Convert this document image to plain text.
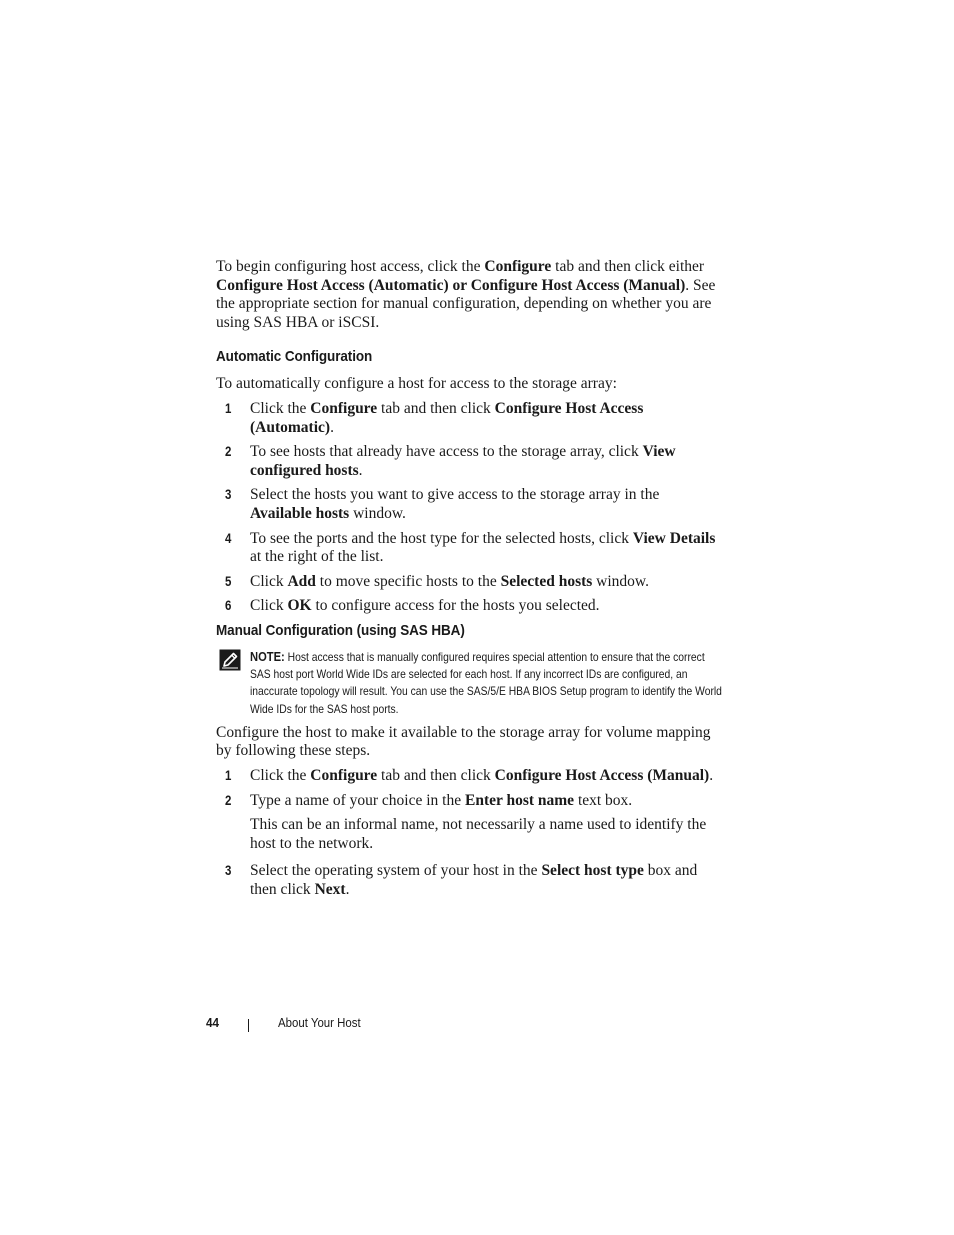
To begin configuring host access, click the Configure tab and then click either Configure Host Access (Automatic) or Configure Host Access (Manual). See the appropriate section for manual configuration, depending on whether you are using SAS HBA or iSCSI.

Automatic Configuration

To automatically configure a host for access to the storage array:

1 Click the Configure tab and then click Configure Host Access (Automatic).
2 To see hosts that already have access to the storage array, click View configured hosts.
3 Select the hosts you want to give access to the storage array in the Available hosts window.
4 To see the ports and the host type for the selected hosts, click View Details at the right of the list.
5 Click Add to move specific hosts to the Selected hosts window.
6 Click OK to configure access for the hosts you selected.
Manual Configuration (using SAS HBA)
NOTE: Host access that is manually configured requires special attention to ensure that the correct SAS host port World Wide IDs are selected for each host. If any incorrect IDs are configured, an inaccurate topology will result. You can use the SAS/5/E HBA BIOS Setup program to identify the World Wide IDs for the SAS host ports.

Configure the host to make it available to the storage array for volume mapping by following these steps.

1 Click the Configure tab and then click Configure Host Access (Manual).
2 Type a name of your choice in the Enter host name text box.
This can be an informal name, not necessarily a name used to identify the host to the network.
3 Select the operating system of your host in the Select host type box and then click Next.
44	About Your Host
